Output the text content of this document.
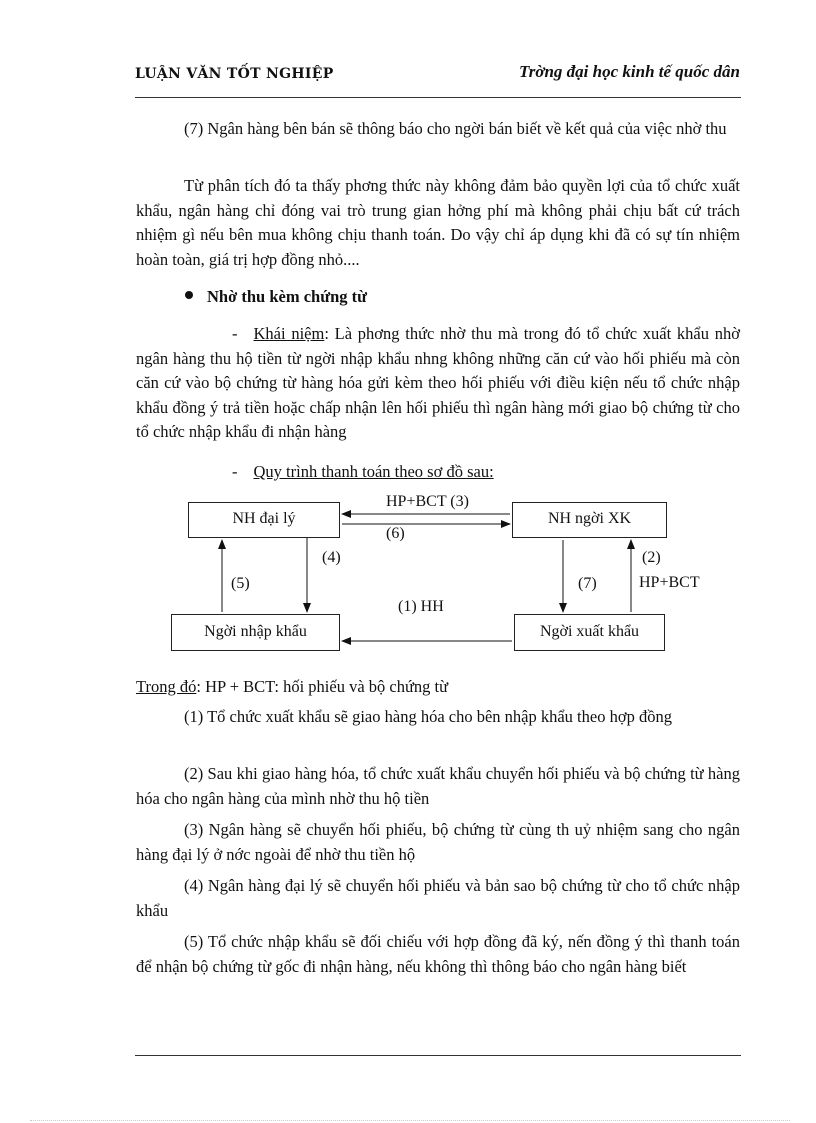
LUẬN VĂN TỐT NGHIỆP	Trờng đại học kinh tế quốc dân
(7) Ngân hàng bên bán sẽ thông báo cho ngời bán biết về kết quả của việc nhờ thu
Từ phân tích đó ta thấy phơng thức này không đảm bảo quyền lợi của tổ chức xuất khẩu, ngân hàng chỉ đóng vai trò trung gian hởng phí mà không phải chịu bất cứ trách nhiệm gì nếu bên mua không chịu thanh toán. Do vậy chỉ áp dụng khi đã có sự tín nhiệm hoàn toàn, giá trị hợp đồng nhỏ....
Nhờ thu kèm chứng từ
- Khái niệm: Là phơng thức nhờ thu mà trong đó tổ chức xuất khẩu nhờ ngân hàng thu hộ tiền từ ngời nhập khẩu nhng không những căn cứ vào hối phiếu mà còn căn cứ vào bộ chứng từ hàng hóa gửi kèm theo hối phiếu với điều kiện nếu tổ chức nhập khẩu đồng ý trả tiền hoặc chấp nhận lên hối phiếu thì ngân hàng mới giao bộ chứng từ cho tổ chức nhập khẩu đi nhận hàng
- Quy trình thanh toán theo sơ đồ sau:
NH đại lý	NH ngời XK
Ngời nhập khẩu	Ngời xuất khẩu
HP+BCT (3)
(6)
(4)
(5)	(7)
(2)
HP+BCT
(1) HH
Trong đó: HP + BCT: hối phiếu và bộ chứng từ
(1) Tổ chức xuất khẩu sẽ giao hàng hóa cho bên nhập khẩu theo hợp đồng
(2) Sau khi giao hàng hóa, tổ chức xuất khẩu chuyển hối phiếu và bộ chứng từ hàng hóa cho ngân hàng của mình nhờ thu hộ tiền
(3) Ngân hàng sẽ chuyển hối phiếu, bộ chứng từ cùng th uỷ nhiệm sang cho ngân hàng đại lý ở nớc ngoài để nhờ thu tiền hộ
(4) Ngân hàng đại lý sẽ chuyển hối phiếu và bản sao bộ chứng từ cho tổ chức nhập khẩu
(5) Tổ chức nhập khẩu sẽ đối chiếu với hợp đồng đã ký, nến đồng ý thì thanh toán để nhận bộ chứng từ gốc đi nhận hàng, nếu không thì thông báo cho ngân hàng biết
